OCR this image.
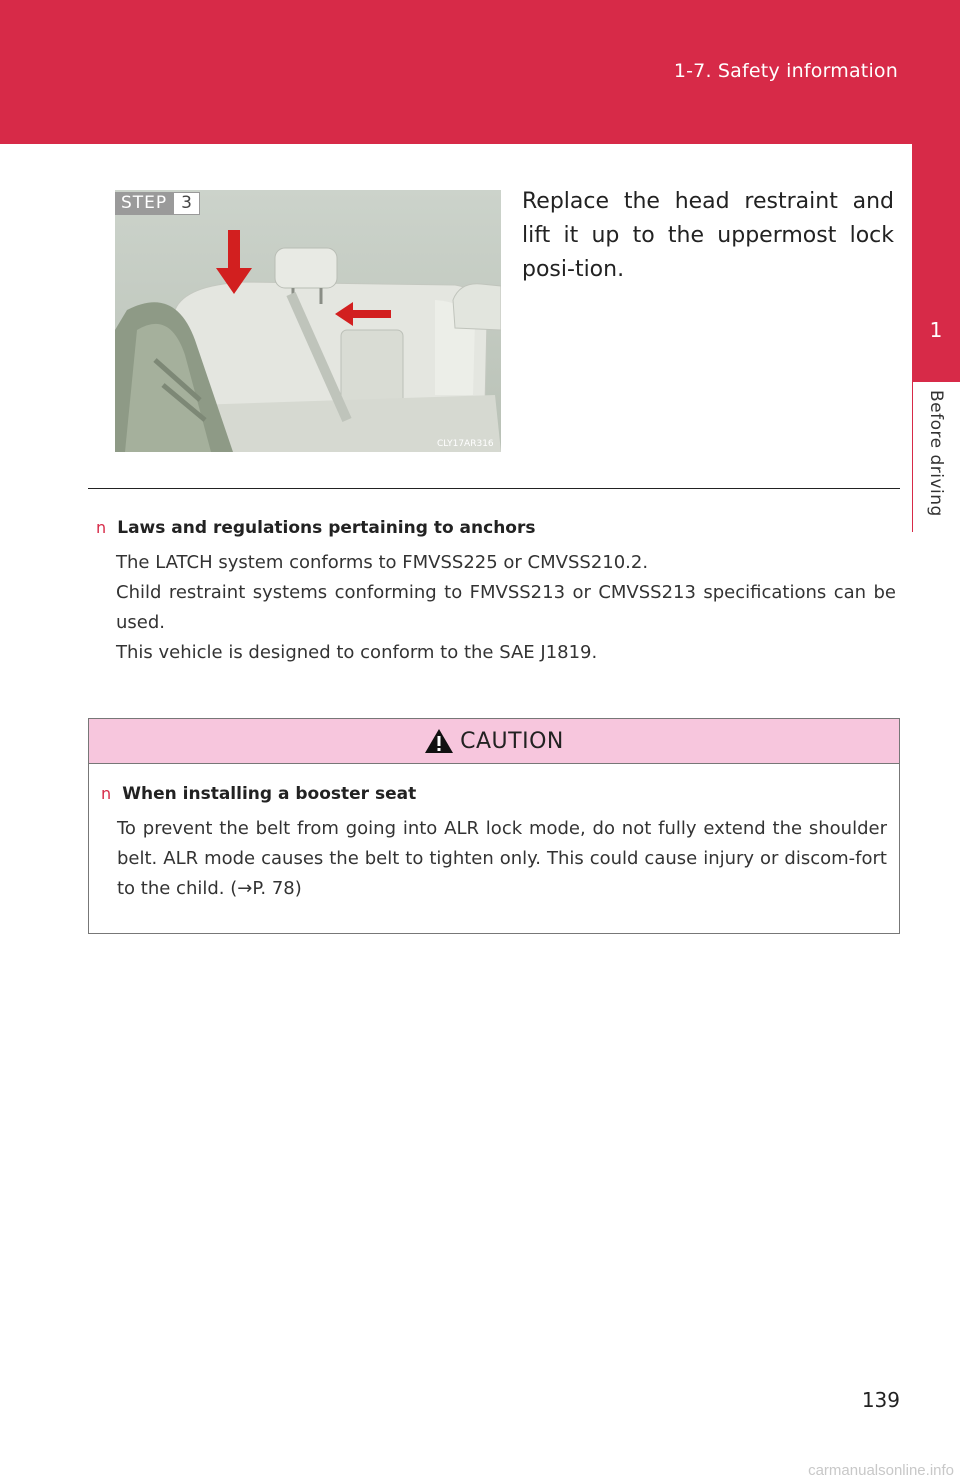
1-7. Safety information
1
Before driving
CLY17AR316
STEP 3	Replace the head restraint and lift it up to the uppermost lock posi-tion.
n Laws and regulations pertaining to anchors

The LATCH system conforms to FMVSS225 or CMVSS210.2.

Child restraint systems conforming to FMVSS213 or CMVSS213 specifications can be used.

This vehicle is designed to conform to the SAE J1819.

CAUTION
n When installing a booster seat
To prevent the belt from going into ALR lock mode, do not fully extend the shoulder belt. ALR mode causes the belt to tighten only. This could cause injury or discom-fort to the child. (→P. 78)
139
carmanualsonline.info
